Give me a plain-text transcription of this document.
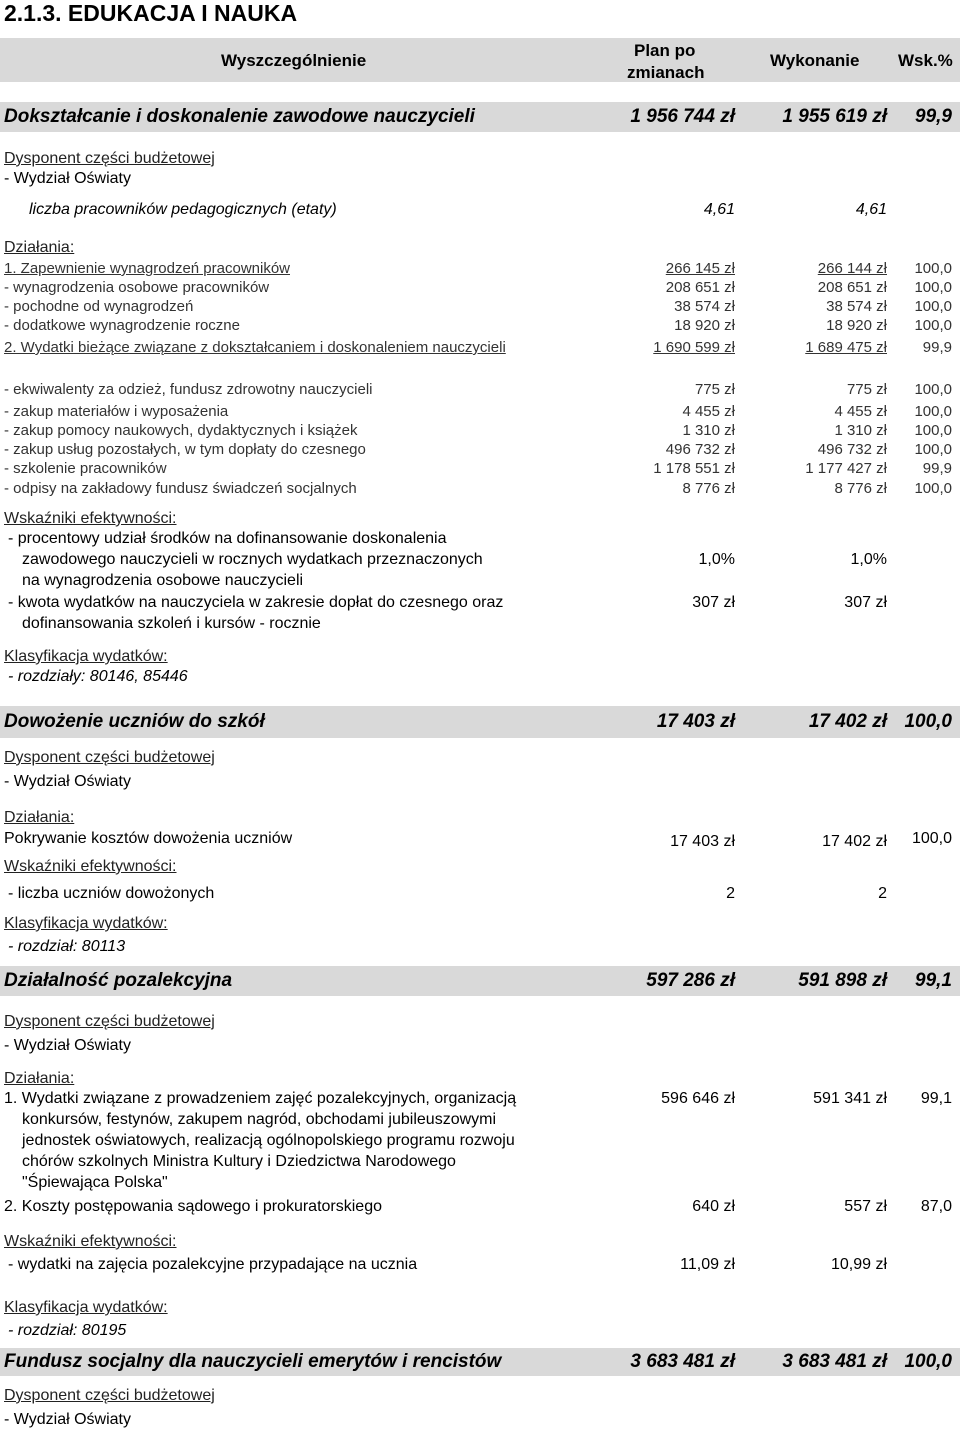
2.1.3. EDUKACJA I NAUKA
Wyszczególnienie
Plan po
zmianach
Wykonanie Wsk.%
Dokształcanie i doskonalenie zawodowe nauczycieli	1 956 744 zł 1 955 619 zł 99,9
Dysponent części budżetowej
- Wydział Oświaty
liczba pracowników pedagogicznych (etaty)	4,61	4,61
Działania:
1. Zapewnienie wynagrodzeń pracowników	266 145 zł	266 144 zł 100,0
- wynagrodzenia osobowe pracowników	208 651 zł	208 651 zł 100,0
- pochodne od wynagrodzeń	38 574 zł	38 574 zł 100,0
- dodatkowe wynagrodzenie roczne	18 920 zł	18 920 zł 100,0
2. Wydatki bieżące związane z dokształcaniem i doskonaleniem nauczycieli	1 690 599 zł	1 689 475 zł 99,9
- ekwiwalenty za odzież, fundusz zdrowotny nauczycieli	775 zł	775 zł 100,0
- zakup materiałów i wyposażenia	4 455 zł	4 455 zł 100,0
- zakup pomocy naukowych, dydaktycznych i książek	1 310 zł	1 310 zł 100,0
- zakup usług pozostałych, w tym dopłaty do czesnego	496 732 zł	496 732 zł 100,0
- szkolenie pracowników	1 178 551 zł	1 177 427 zł 99,9
- odpisy na zakładowy fundusz świadczeń socjalnych	8 776 zł	8 776 zł 100,0
Wskaźniki efektywności:
- procentowy udział środków na dofinansowanie doskonalenia
zawodowego nauczycieli w rocznych wydatkach przeznaczonych
na wynagrodzenia osobowe nauczycieli
1,0%	1,0%
- kwota wydatków na nauczyciela w zakresie dopłat do czesnego oraz
dofinansowania szkoleń i kursów - rocznie
307 zł	307 zł
Klasyfikacja wydatków:
- rozdziały: 80146, 85446
Dowożenie uczniów do szkół	17 403 zł	17 402 zł 100,0
Dysponent części budżetowej
- Wydział Oświaty
Działania:
Pokrywanie kosztów dowożenia uczniów	17 403 zł	17 402 zł 100,0
Wskaźniki efektywności:
- liczba uczniów dowożonych	2	2
Klasyfikacja wydatków:
- rozdział: 80113
Działalność pozalekcyjna	597 286 zł	591 898 zł 99,1
Dysponent części budżetowej
- Wydział Oświaty
Działania:
1. Wydatki związane z prowadzeniem zajęć pozalekcyjnych, organizacją
konkursów, festynów, zakupem nagród, obchodami jubileuszowymi
jednostek oświatowych, realizacją ogólnopolskiego programu rozwoju
chórów szkolnych Ministra Kultury i Dziedzictwa Narodowego
"Śpiewająca Polska"
596 646 zł	591 341 zł 99,1
2. Koszty postępowania sądowego i prokuratorskiego	640 zł	557 zł 87,0
Wskaźniki efektywności:
- wydatki na zajęcia pozalekcyjne przypadające na ucznia	11,09 zł	10,99 zł
Klasyfikacja wydatków:
- rozdział: 80195
Fundusz socjalny dla nauczycieli emerytów i rencistów	3 683 481 zł 3 683 481 zł 100,0
Dysponent części budżetowej
- Wydział Oświaty
